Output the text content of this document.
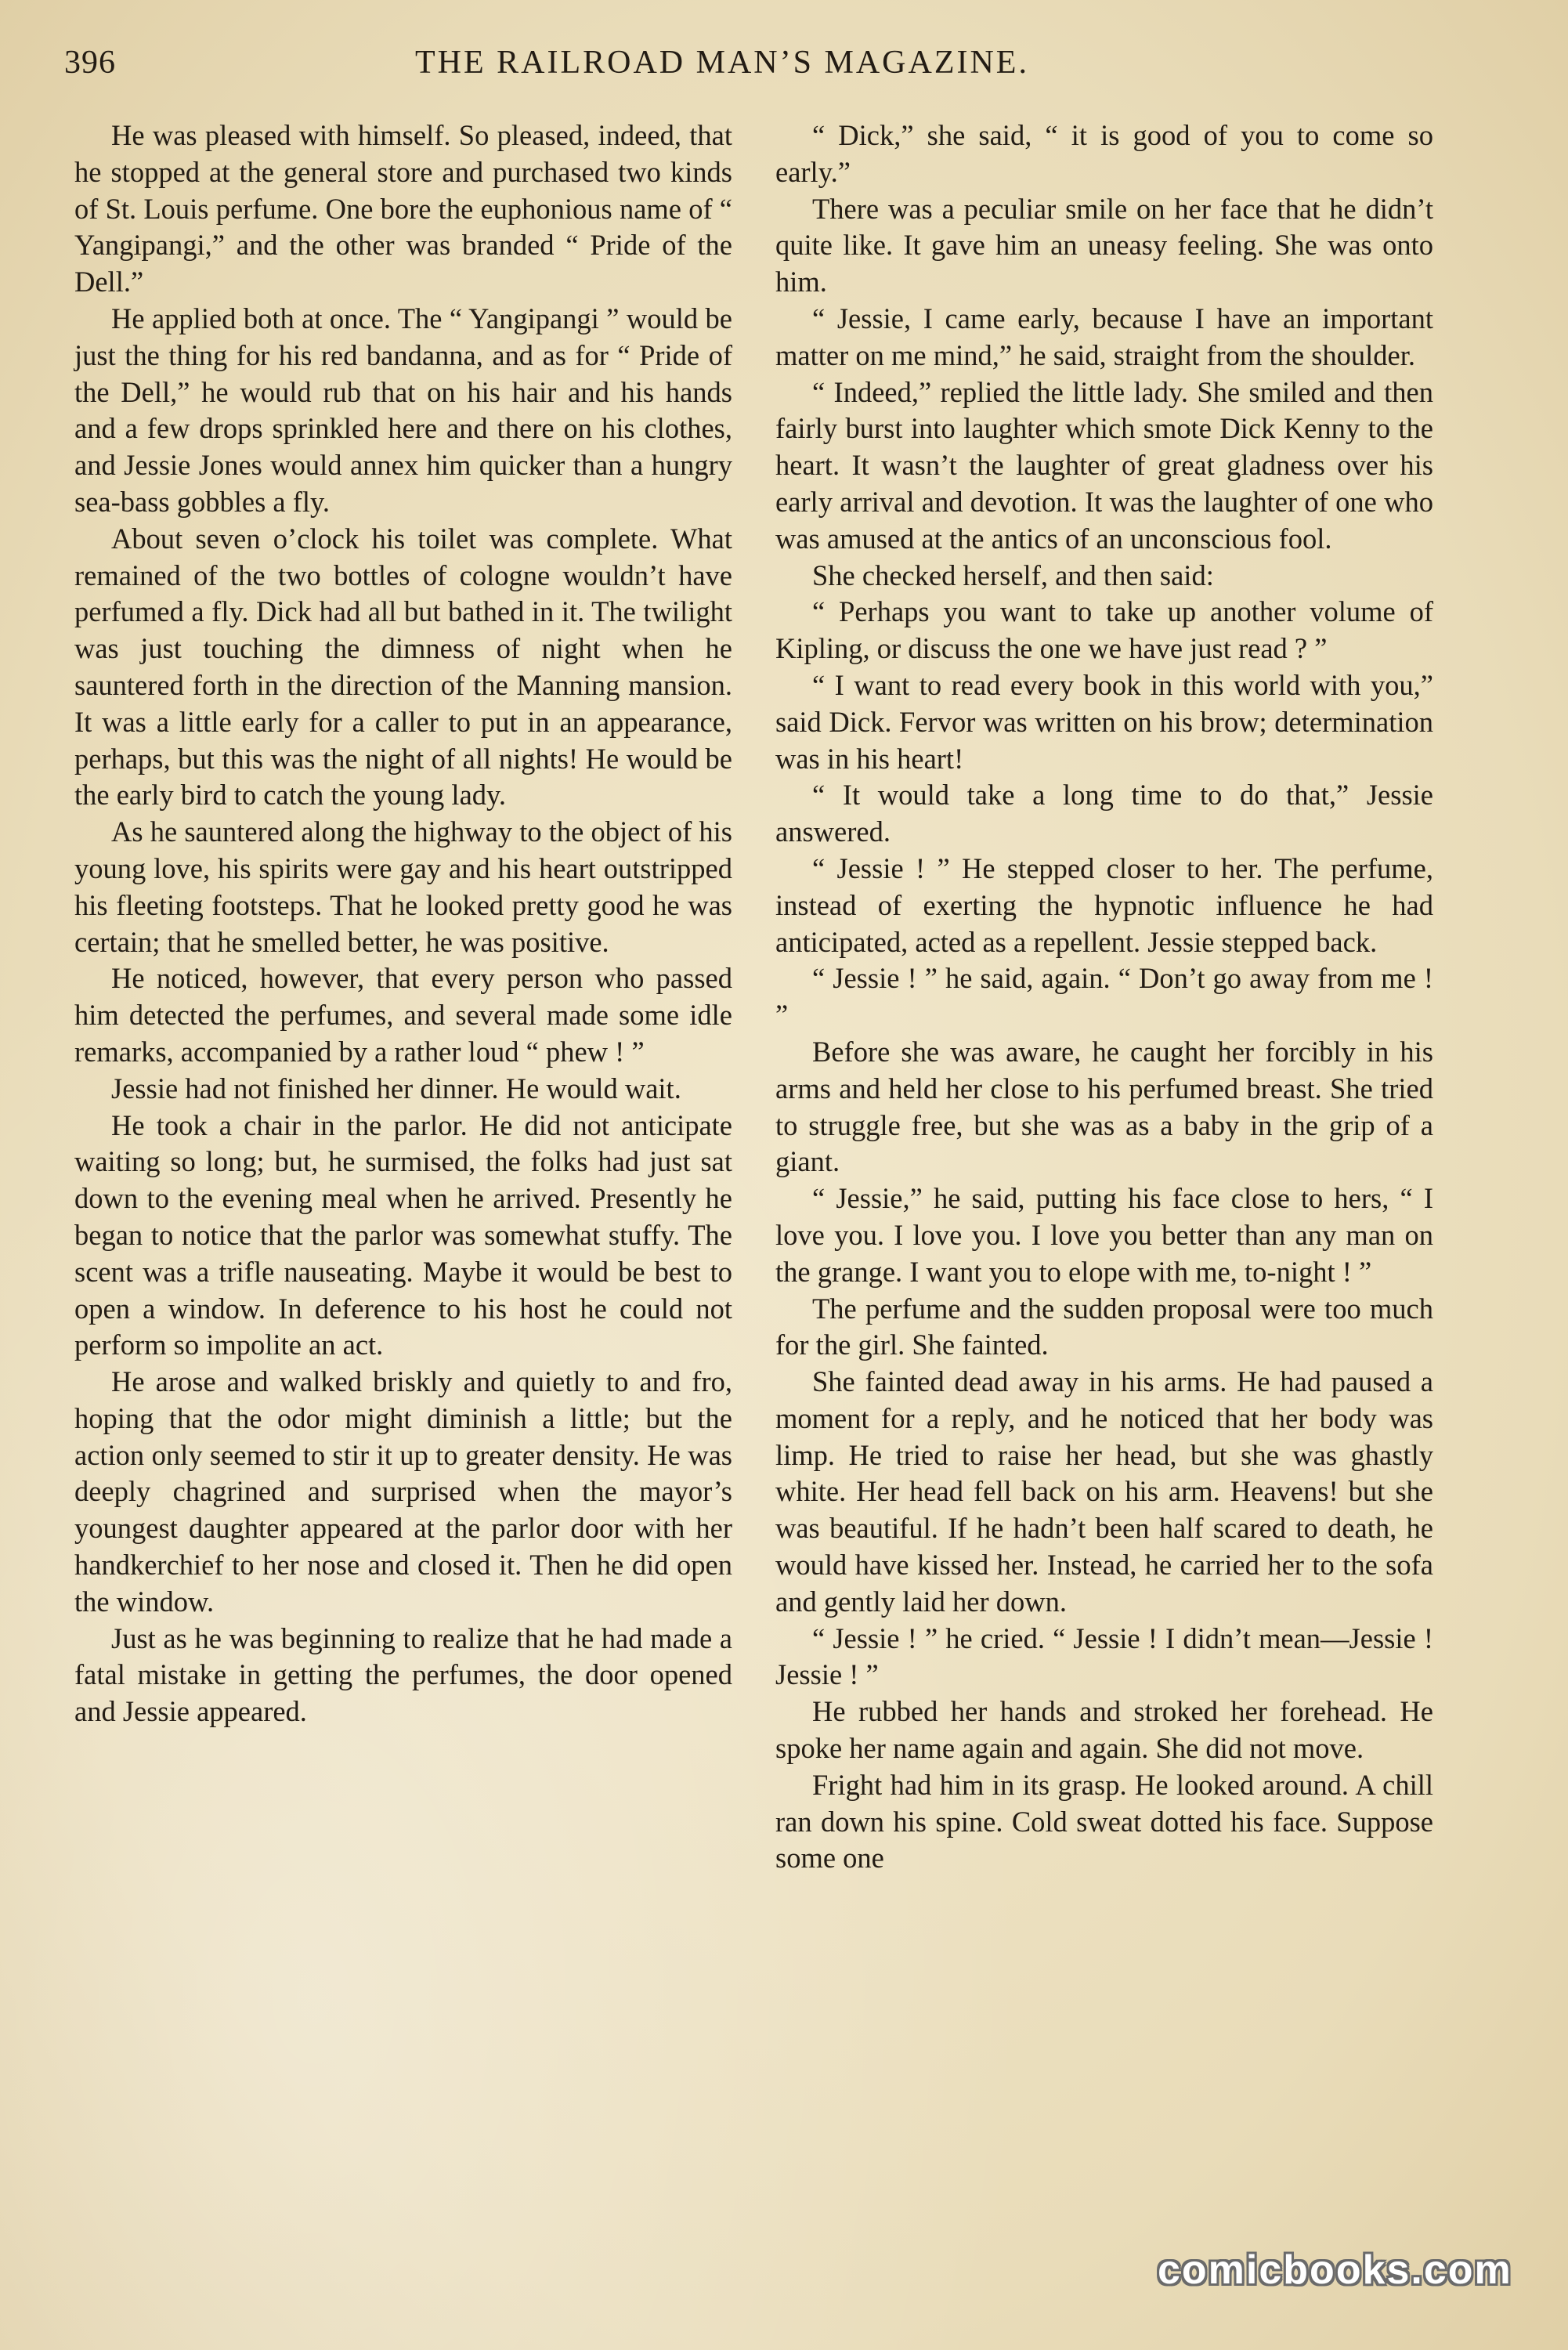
396	THE RAILROAD MAN’S MAGAZINE.

He was pleased with himself. So pleased, indeed, that he stopped at the general store and purchased two kinds of St. Louis perfume. One bore the euphonious name of “ Yangipangi,” and the other was branded “ Pride of the Dell.”

He applied both at once. The “ Yangipangi ” would be just the thing for his red bandanna, and as for “ Pride of the Dell,” he would rub that on his hair and his hands and a few drops sprinkled here and there on his clothes, and Jessie Jones would annex him quicker than a hungry sea-bass gobbles a fly.

About seven o’clock his toilet was complete. What remained of the two bottles of cologne wouldn’t have perfumed a fly. Dick had all but bathed in it. The twilight was just touching the dimness of night when he sauntered forth in the direction of the Manning mansion. It was a little early for a caller to put in an appearance, perhaps, but this was the night of all nights! He would be the early bird to catch the young lady.

As he sauntered along the highway to the object of his young love, his spirits were gay and his heart outstripped his fleeting footsteps. That he looked pretty good he was certain; that he smelled better, he was positive.

He noticed, however, that every person who passed him detected the perfumes, and several made some idle remarks, accompanied by a rather loud “ phew ! ”

Jessie had not finished her dinner. He would wait.

He took a chair in the parlor. He did not anticipate waiting so long; but, he surmised, the folks had just sat down to the evening meal when he arrived. Presently he began to notice that the parlor was somewhat stuffy. The scent was a trifle nauseating. Maybe it would be best to open a window. In deference to his host he could not perform so impolite an act.

He arose and walked briskly and quietly to and fro, hoping that the odor might diminish a little; but the action only seemed to stir it up to greater density. He was deeply chagrined and surprised when the mayor’s youngest daughter appeared at the parlor door with her handkerchief to her nose and closed it. Then he did open the window.

Just as he was beginning to realize that he had made a fatal mistake in getting the perfumes, the door opened and Jessie appeared.

“ Dick,” she said, “ it is good of you to come so early.”

There was a peculiar smile on her face that he didn’t quite like. It gave him an uneasy feeling. She was onto him.

“ Jessie, I came early, because I have an important matter on me mind,” he said, straight from the shoulder.

“ Indeed,” replied the little lady. She smiled and then fairly burst into laughter which smote Dick Kenny to the heart. It wasn’t the laughter of great gladness over his early arrival and devotion. It was the laughter of one who was amused at the antics of an unconscious fool.

She checked herself, and then said:

“ Perhaps you want to take up another volume of Kipling, or discuss the one we have just read ? ”

“ I want to read every book in this world with you,” said Dick. Fervor was written on his brow; determination was in his heart!

“ It would take a long time to do that,” Jessie answered.

“ Jessie ! ” He stepped closer to her. The perfume, instead of exerting the hypnotic influence he had anticipated, acted as a repellent. Jessie stepped back.

“ Jessie ! ” he said, again. “ Don’t go away from me ! ”

Before she was aware, he caught her forcibly in his arms and held her close to his perfumed breast. She tried to struggle free, but she was as a baby in the grip of a giant.

“ Jessie,” he said, putting his face close to hers, “ I love you. I love you. I love you better than any man on the grange. I want you to elope with me, to-night ! ”

The perfume and the sudden proposal were too much for the girl. She fainted.

She fainted dead away in his arms. He had paused a moment for a reply, and he noticed that her body was limp. He tried to raise her head, but she was ghastly white. Her head fell back on his arm. Heavens! but she was beautiful. If he hadn’t been half scared to death, he would have kissed her. Instead, he carried her to the sofa and gently laid her down.

“ Jessie ! ” he cried. “ Jessie ! I didn’t mean—Jessie ! Jessie ! ”

He rubbed her hands and stroked her forehead. He spoke her name again and again. She did not move.

Fright had him in its grasp. He looked around. A chill ran down his spine. Cold sweat dotted his face. Suppose some one

comicbooks.com
